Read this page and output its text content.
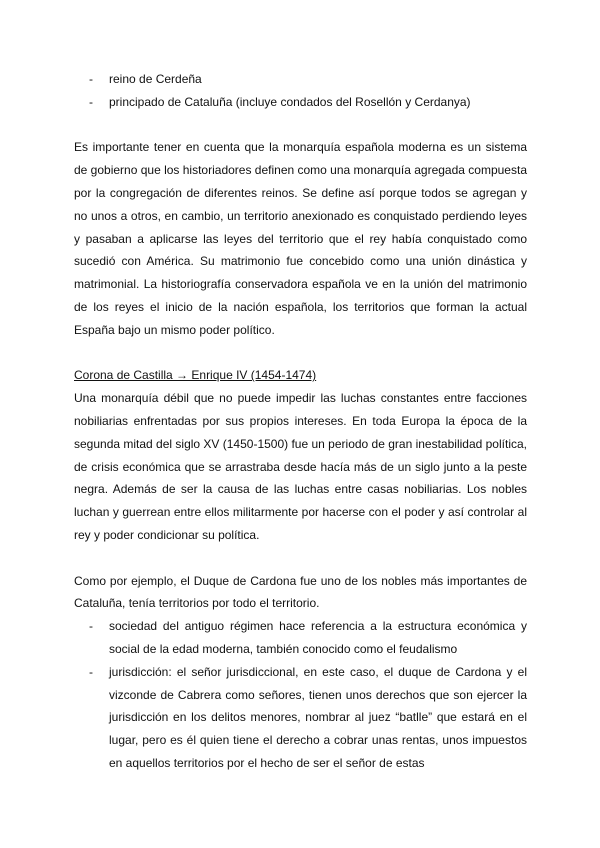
- reino de Cerdeña
- principado de Cataluña (incluye condados del Rosellón y Cerdanya)

Es importante tener en cuenta que la monarquía española moderna es un sistema de gobierno que los historiadores definen como una monarquía agregada compuesta por la congregación de diferentes reinos. Se define así porque todos se agregan y no unos a otros, en cambio, un territorio anexionado es conquistado perdiendo leyes y pasaban a aplicarse las leyes del territorio que el rey había conquistado como sucedió con América. Su matrimonio fue concebido como una unión dinástica y matrimonial. La historiografía conservadora española ve en la unión del matrimonio de los reyes el inicio de la nación española, los territorios que forman la actual España bajo un mismo poder político.

Corona de Castilla → Enrique IV (1454-1474)

Una monarquía débil que no puede impedir las luchas constantes entre facciones nobiliarias enfrentadas por sus propios intereses. En toda Europa la época de la segunda mitad del siglo XV (1450-1500) fue un periodo de gran inestabilidad política, de crisis económica que se arrastraba desde hacía más de un siglo junto a la peste negra. Además de ser la causa de las luchas entre casas nobiliarias. Los nobles luchan y guerrean entre ellos militarmente por hacerse con el poder y así controlar al rey y poder condicionar su política.

Como por ejemplo, el Duque de Cardona fue uno de los nobles más importantes de Cataluña, tenía territorios por todo el territorio.

- sociedad del antiguo régimen hace referencia a la estructura económica y social de la edad moderna, también conocido como el feudalismo
- jurisdicción: el señor jurisdiccional, en este caso, el duque de Cardona y el vizconde de Cabrera como señores, tienen unos derechos que son ejercer la jurisdicción en los delitos menores, nombrar al juez “batlle” que estará en el lugar, pero es él quien tiene el derecho a cobrar unas rentas, unos impuestos en aquellos territorios por el hecho de ser el señor de estas
